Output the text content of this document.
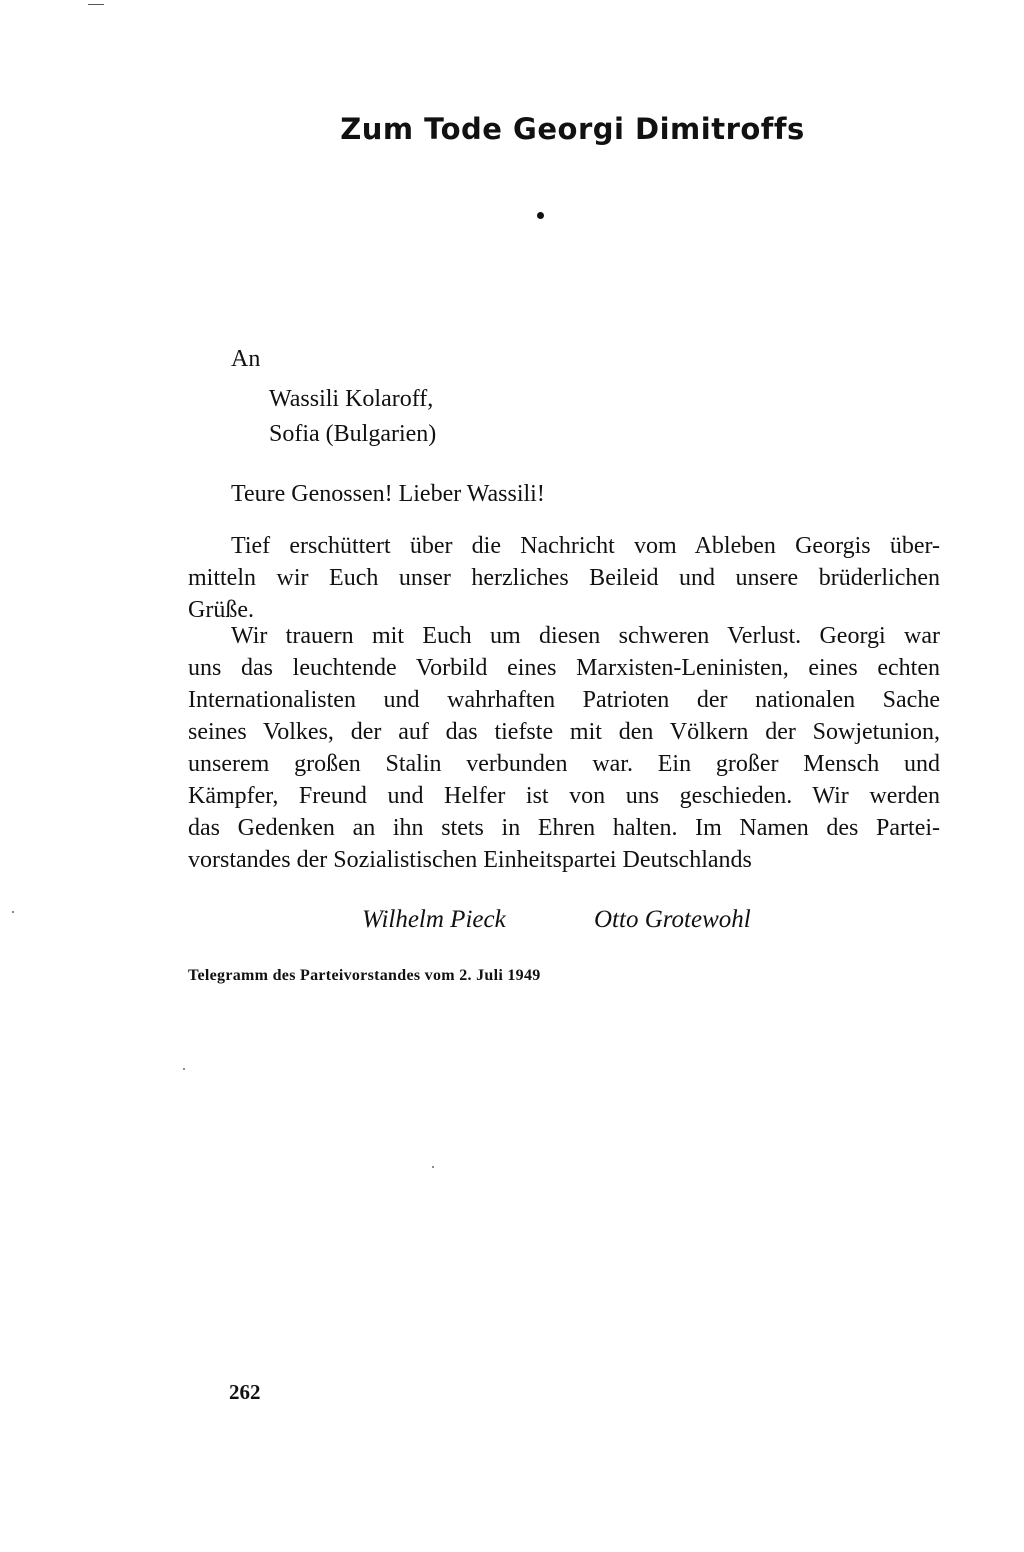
Zum Tode Georgi Dimitroffs
An
Wassili Kolaroff,
Sofia (Bulgarien)
Teure Genossen! Lieber Wassili!
Tief erschüttert über die Nachricht vom Ableben Georgis über-
mitteln wir Euch unser herzliches Beileid und unsere brüderlichen
Grüße.
Wir trauern mit Euch um diesen schweren Verlust. Georgi war
uns das leuchtende Vorbild eines Marxisten-Leninisten, eines echten
Internationalisten und wahrhaften Patrioten der nationalen Sache
seines Volkes, der auf das tiefste mit den Völkern der Sowjetunion,
unserem großen Stalin verbunden war. Ein großer Mensch und
Kämpfer, Freund und Helfer ist von uns geschieden. Wir werden
das Gedenken an ihn stets in Ehren halten. Im Namen des Partei-
vorstandes der Sozialistischen Einheitspartei Deutschlands
Wilhelm Pieck	Otto Grotewohl
Telegramm des Parteivorstandes vom 2. Juli 1949
262
